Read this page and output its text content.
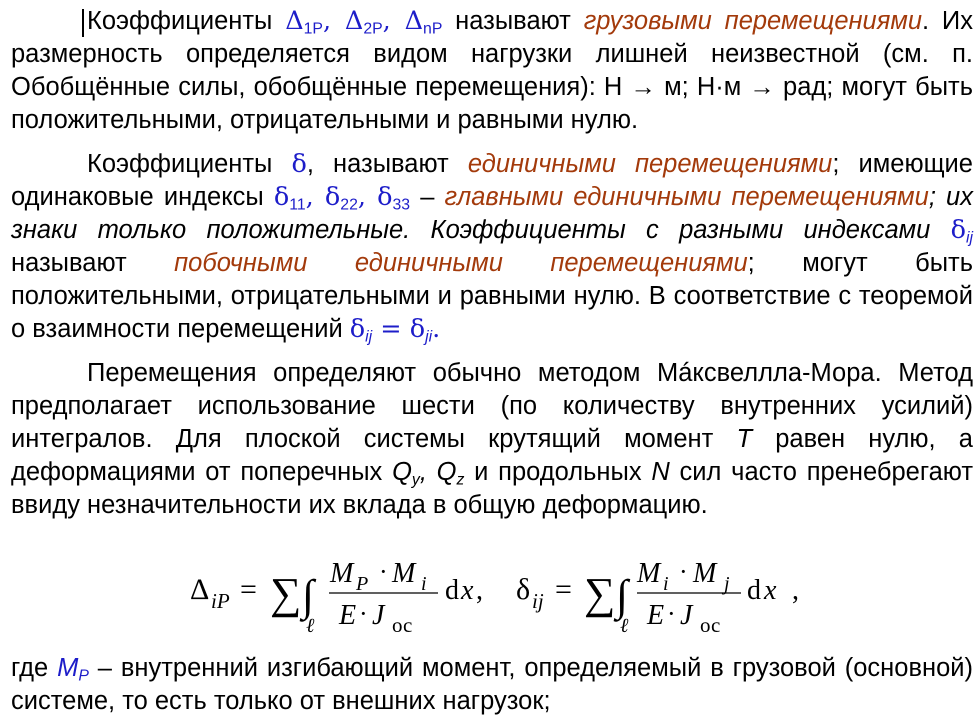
Коэффициенты $\Delta_{1P}$, $\Delta_{2P}$, $\Delta_{nP}$ называют грузовыми перемещениями. Их размерность определяется видом нагрузки лишней неизвестной (см. п. Обобщённые силы, обобщённые перемещения): Н → м; Н·м → рад; могут быть положительными, отрицательными и равными нулю.

Коэффициенты δ, называют единичными перемещениями; имеющие одинаковые индексы $\delta_{11}$, $\delta_{22}$, $\delta_{33}$ – главными единичными перемещениями; их знаки только положительные. Коэффициенты с разными индексами δij называют побочными единичными перемещениями; могут быть положительными, отрицательными и равными нулю. В соответствие с теоремой о взаимности перемещений δij = δji.

Перемещения определяют обычно методом Мáксвеллла-Мора. Метод предполагает использование шести (по количеству внутренних усилий) интегралов. Для плоской системы крутящий момент T равен нулю, а деформациями от поперечных $Q_y$, $Q_z$ и продольных N сил часто пренебрегают ввиду незначительности их вклада в общую деформацию.

Δ iP = ∑ ∫
ℓ
M P · M i
E · J ос
d x , δ ij = ∑ ∫
ℓ
M i · M j
E · J ос
d x ,

где $M_P$ – внутренний изгибающий момент, определяемый в грузовой (основной) системе, то есть только от внешних нагрузок;
